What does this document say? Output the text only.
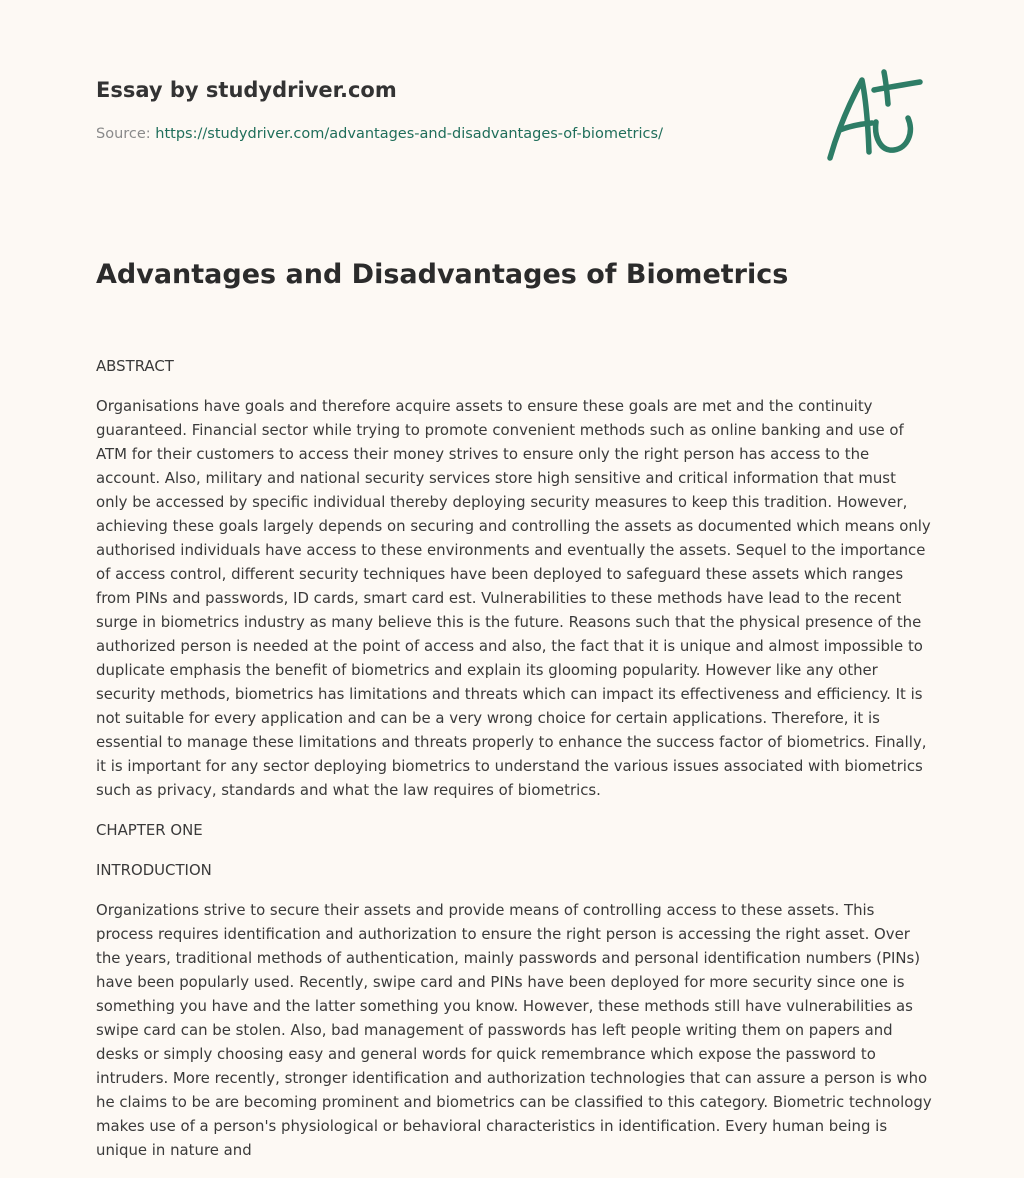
Essay by studydriver.com
Source: https://studydriver.com/advantages-and-disadvantages-of-biometrics/
Advantages and Disadvantages of Biometrics

ABSTRACT

Organisations have goals and therefore acquire assets to ensure these goals are met and the continuity guaranteed. Financial sector while trying to promote convenient methods such as online banking and use of ATM for their customers to access their money strives to ensure only the right person has access to the account. Also, military and national security services store high sensitive and critical information that must only be accessed by specific individual thereby deploying security measures to keep this tradition. However, achieving these goals largely depends on securing and controlling the assets as documented which means only authorised individuals have access to these environments and eventually the assets. Sequel to the importance of access control, different security techniques have been deployed to safeguard these assets which ranges from PINs and passwords, ID cards, smart card est. Vulnerabilities to these methods have lead to the recent surge in biometrics industry as many believe this is the future. Reasons such that the physical presence of the authorized person is needed at the point of access and also, the fact that it is unique and almost impossible to duplicate emphasis the benefit of biometrics and explain its glooming popularity. However like any other security methods, biometrics has limitations and threats which can impact its effectiveness and efficiency. It is not suitable for every application and can be a very wrong choice for certain applications. Therefore, it is essential to manage these limitations and threats properly to enhance the success factor of biometrics. Finally, it is important for any sector deploying biometrics to understand the various issues associated with biometrics such as privacy, standards and what the law requires of biometrics.

CHAPTER ONE

INTRODUCTION

Organizations strive to secure their assets and provide means of controlling access to these assets. This process requires identification and authorization to ensure the right person is accessing the right asset. Over the years, traditional methods of authentication, mainly passwords and personal identification numbers (PINs) have been popularly used. Recently, swipe card and PINs have been deployed for more security since one is something you have and the latter something you know. However, these methods still have vulnerabilities as swipe card can be stolen. Also, bad management of passwords has left people writing them on papers and desks or simply choosing easy and general words for quick remembrance which expose the password to intruders. More recently, stronger identification and authorization technologies that can assure a person is who he claims to be are becoming prominent and biometrics can be classified to this category. Biometric technology makes use of a person's physiological or behavioral characteristics in identification. Every human being is unique in nature and
